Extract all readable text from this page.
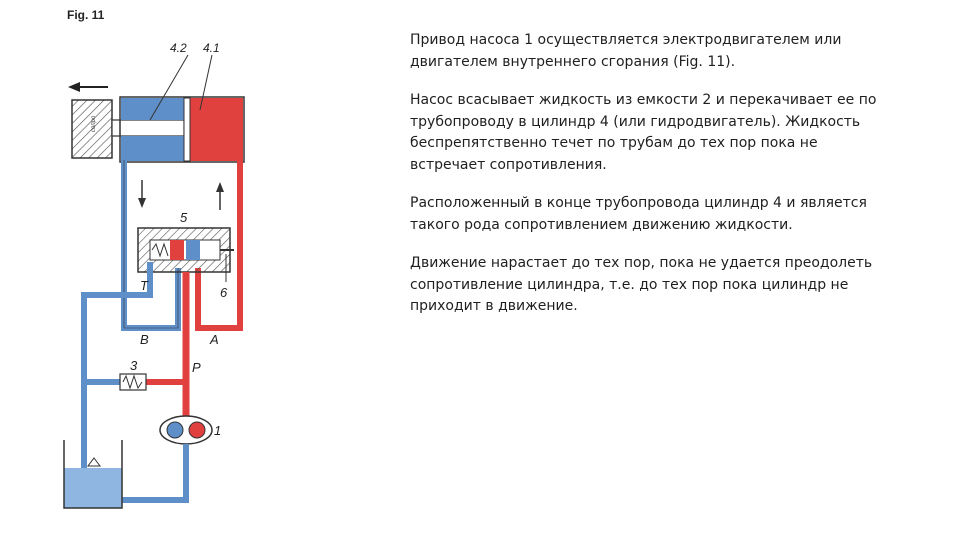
Fig. 11
сопро
4.2 4.1
5
T	6
B	A
3	P
1

Привод насоса 1 осуществляется электродвигателем или двигателем внутреннего сгорания (Fig. 11).

Насос всасывает жидкость из емкости 2 и перекачивает ее по трубопроводу в цилиндр 4 (или гидродвигатель). Жидкость беспрепятственно течет по трубам до тех пор пока не встречает сопротивления.

Расположенный в конце трубопровода цилиндр 4 и является такого рода сопротивлением движению жидкости.

Движение нарастает до тех пор, пока не удается преодолеть сопротивление цилиндра, т.е. до тех пор пока цилиндр не приходит в движение.
